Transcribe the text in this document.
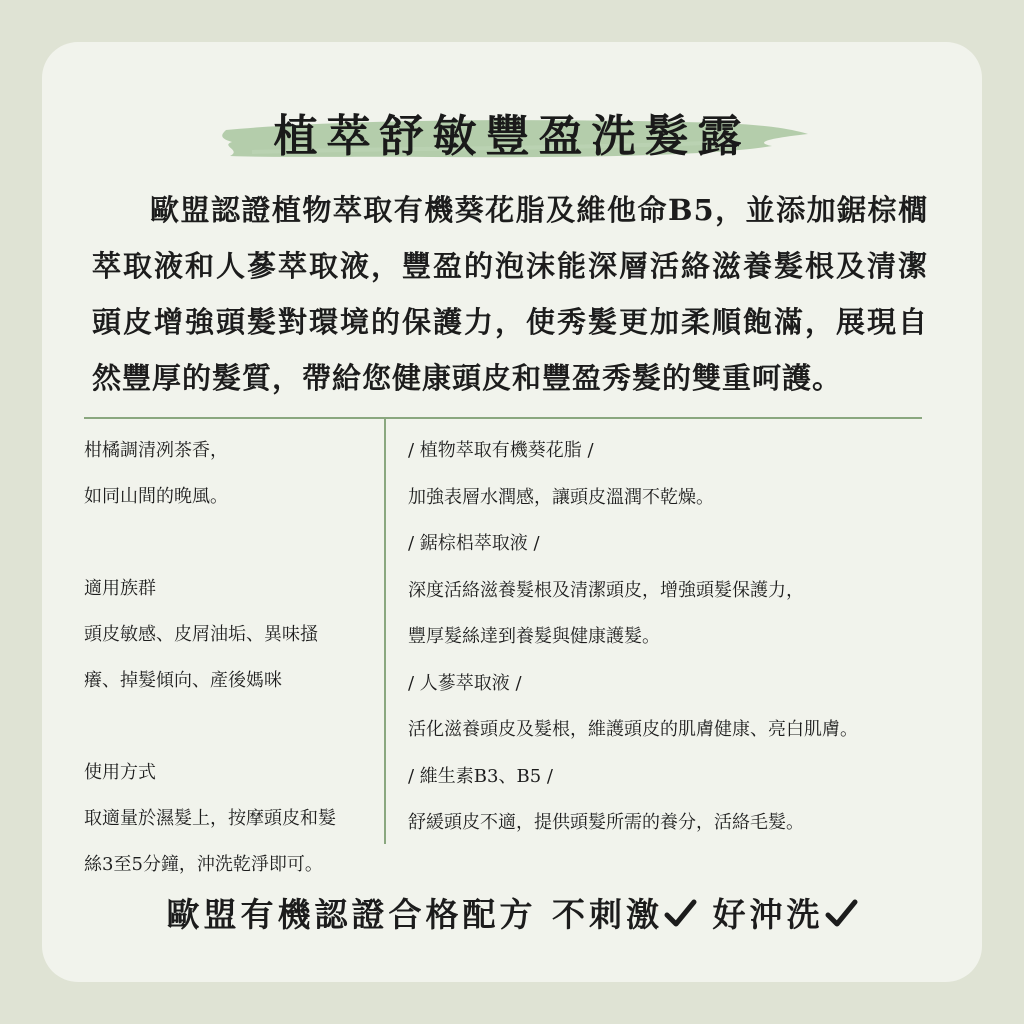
植萃舒敏豐盈洗髮露

歐盟認證植物萃取有機葵花脂及維他命B5，並添加鋸棕櫚萃取液和人蔘萃取液，豐盈的泡沫能深層活絡滋養髮根及清潔頭皮增強頭髮對環境的保護力，使秀髮更加柔順飽滿，展現自然豐厚的髮質，帶給您健康頭皮和豐盈秀髮的雙重呵護。

柑橘調清冽茶香，

如同山間的晚風。

適用族群

頭皮敏感、皮屑油垢、異味搔

癢、掉髮傾向、產後媽咪

使用方式

取適量於濕髮上，按摩頭皮和髮

絲3至5分鐘，沖洗乾淨即可。

/ 植物萃取有機葵花脂 /

加強表層水潤感，讓頭皮溫潤不乾燥。

/ 鋸棕梠萃取液 /

深度活絡滋養髮根及清潔頭皮，增強頭髮保護力，

豐厚髮絲達到養髮與健康護髮。

/ 人蔘萃取液 /

活化滋養頭皮及髮根，維護頭皮的肌膚健康、亮白肌膚。

/ 維生素B3、B5 /

舒緩頭皮不適，提供頭髮所需的養分，活絡毛髮。

歐盟有機認證合格配方 不刺激 好沖洗
